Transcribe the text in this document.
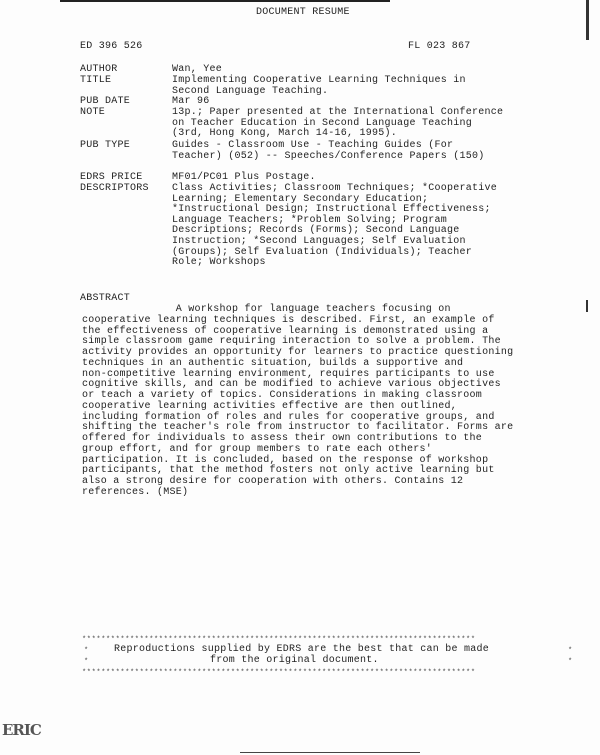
DOCUMENT RESUME
ED 396 526	FL 023 867
AUTHOR	Wan, Yee
TITLE	Implementing Cooperative Learning Techniques in
Second Language Teaching.
PUB DATE	Mar 96
NOTE	13p.; Paper presented at the International Conference
on Teacher Education in Second Language Teaching
(3rd, Hong Kong, March 14-16, 1995).
PUB TYPE	Guides - Classroom Use - Teaching Guides (For
Teacher) (052) -- Speeches/Conference Papers (150)
EDRS PRICE	MF01/PC01 Plus Postage.
DESCRIPTORS Class Activities; Classroom Techniques; *Cooperative
Learning; Elementary Secondary Education;
*Instructional Design; Instructional Effectiveness;
Language Teachers; *Problem Solving; Program
Descriptions; Records (Forms); Second Language
Instruction; *Second Languages; Self Evaluation
(Groups); Self Evaluation (Individuals); Teacher
Role; Workshops
ABSTRACT
A workshop for language teachers focusing on
cooperative learning techniques is described. First, an example of
the effectiveness of cooperative learning is demonstrated using a
simple classroom game requiring interaction to solve a problem. The
activity provides an opportunity for learners to practice questioning
techniques in an authentic situation, builds a supportive and
non-competitive learning environment, requires participants to use
cognitive skills, and can be modified to achieve various objectives
or teach a variety of topics. Considerations in making classroom
cooperative learning activities effective are then outlined,
including formation of roles and rules for cooperative groups, and
shifting the teacher's role from instructor to facilitator. Forms are
offered for individuals to assess their own contributions to the
group effort, and for group members to rate each others'
participation. It is concluded, based on the response of workshop
participants, that the method fosters not only active learning but
also a strong desire for cooperation with others. Contains 12
references. (MSE)
**********************************************************************************
**********************************************************************************
*	*
*	*
Reproductions supplied by EDRS are the best that can be made
from the original document.
ERIC
